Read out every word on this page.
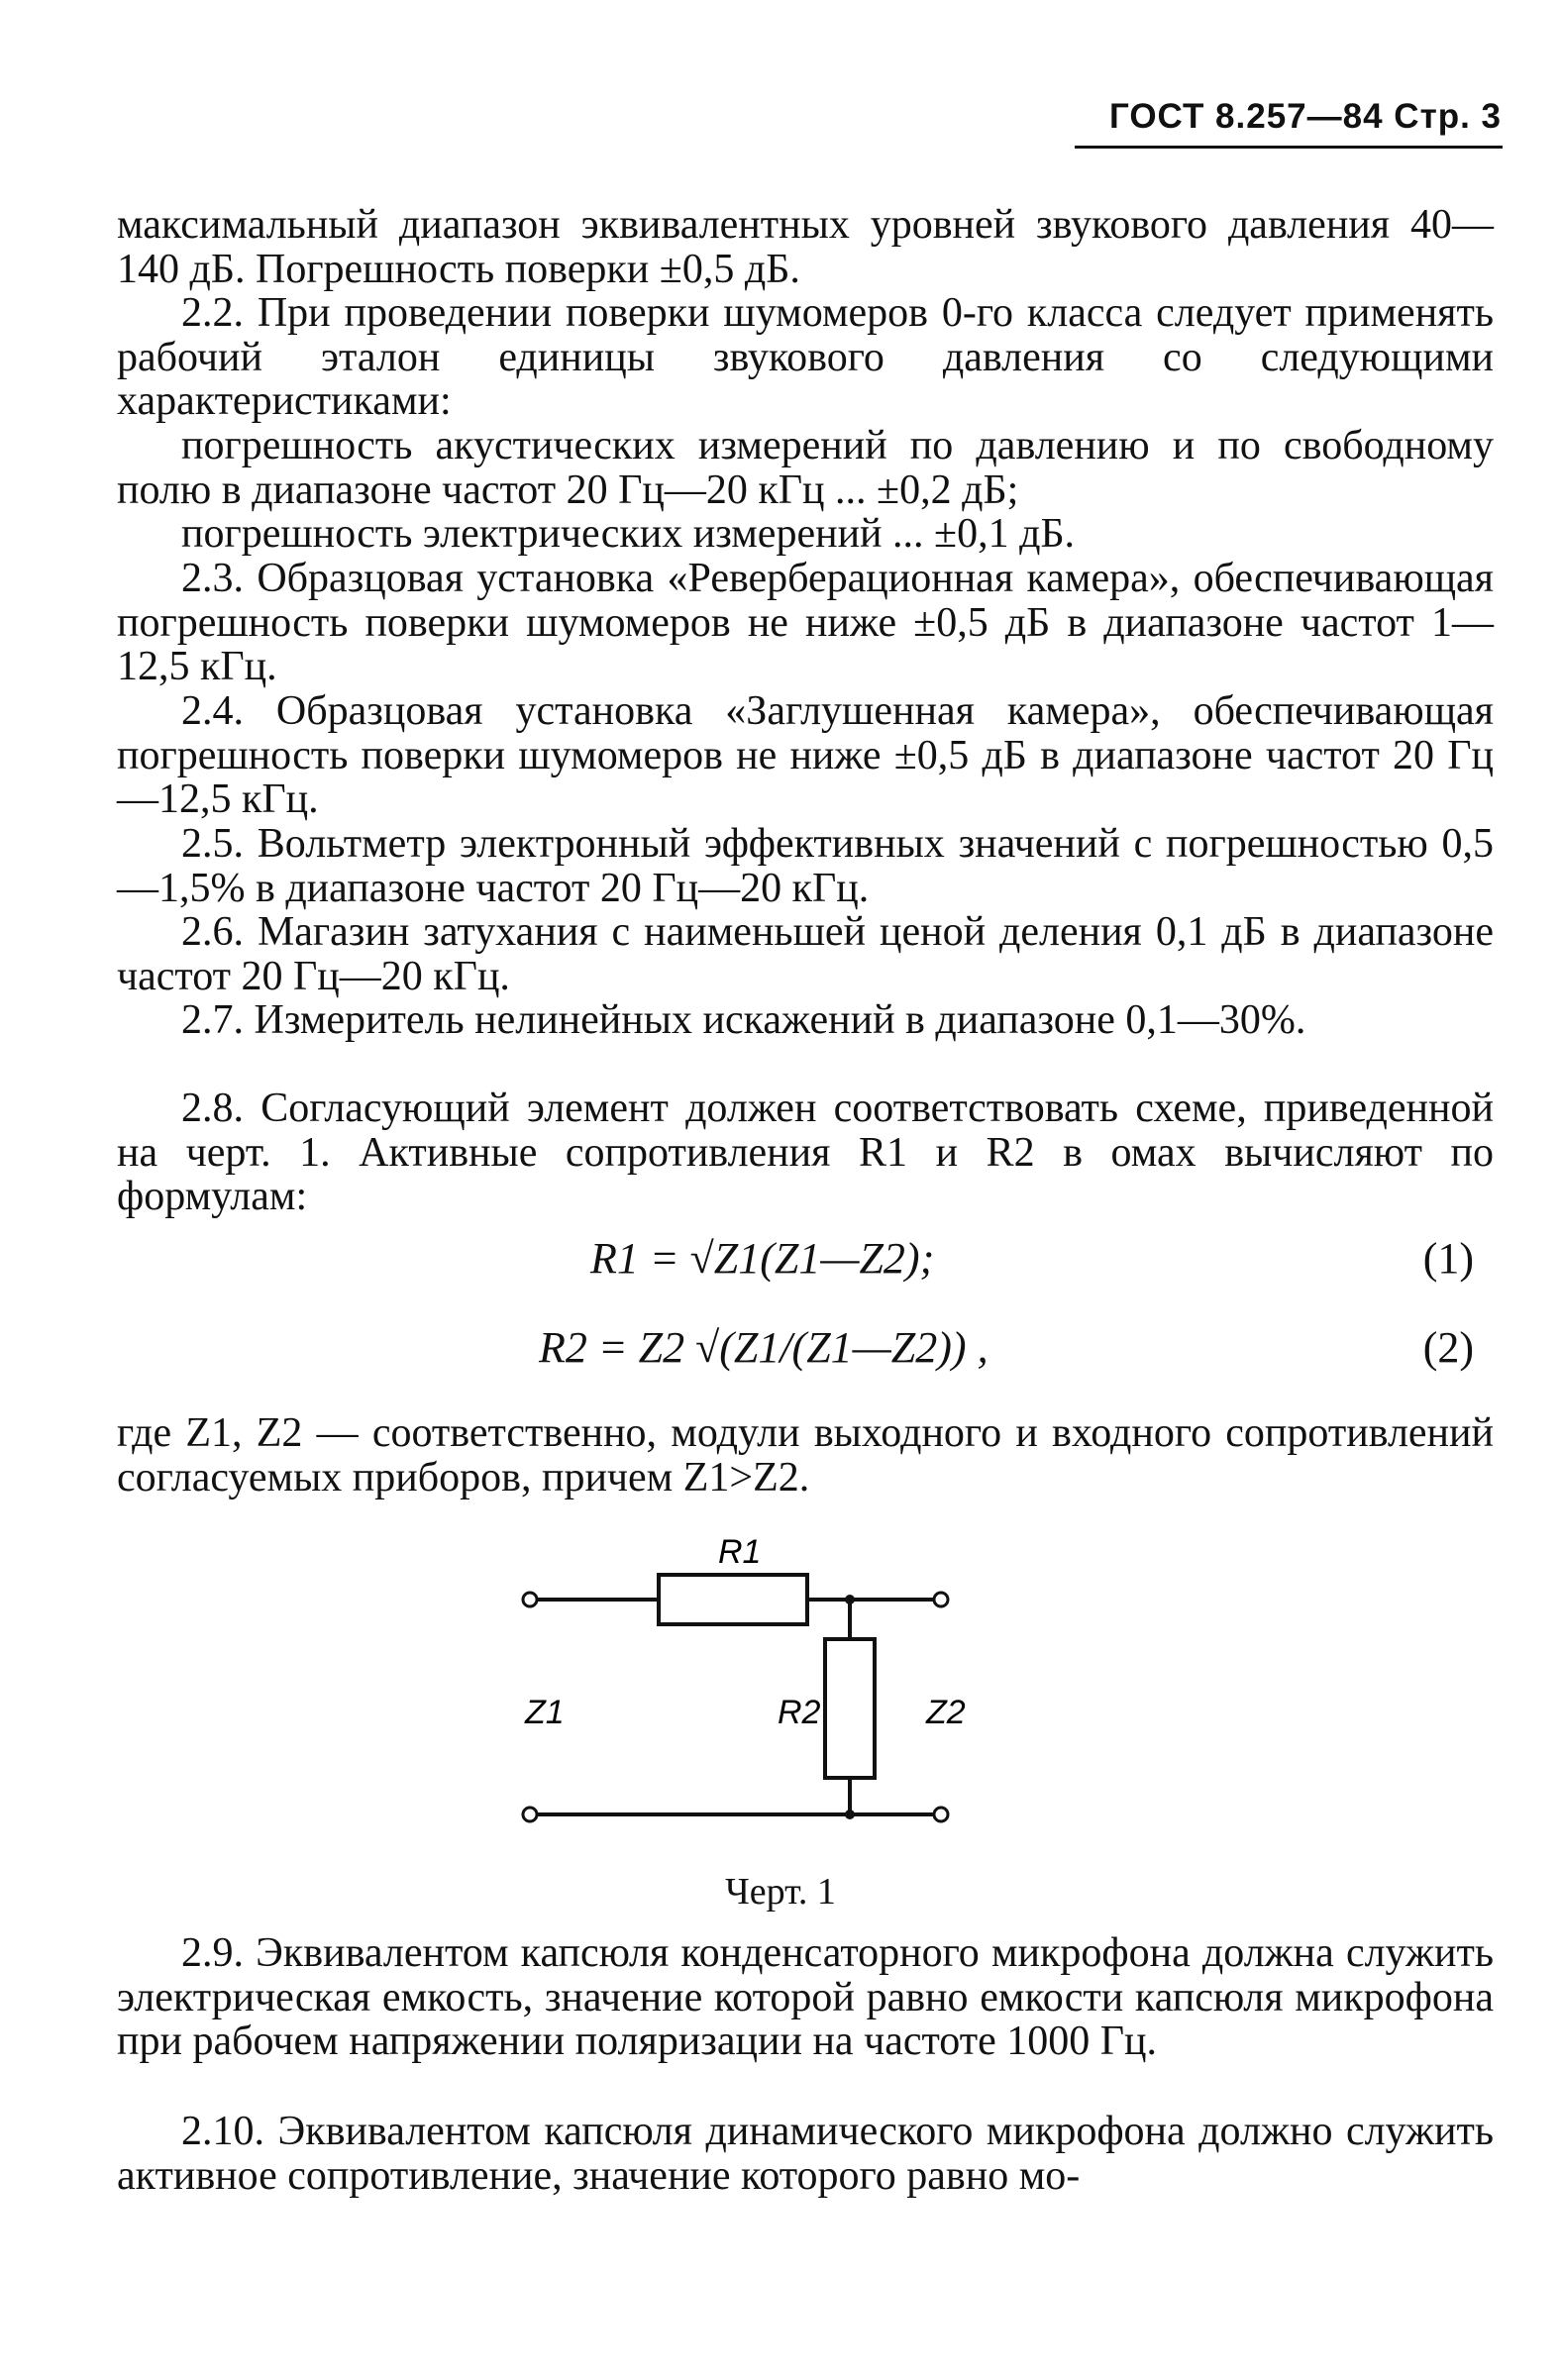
ГОСТ 8.257—84 Стр. 3

максимальный диапазон эквивалентных уровней звукового давления 40—140 дБ. Погрешность поверки ±0,5 дБ.

2.2. При проведении поверки шумомеров 0-го класса следует применять рабочий эталон единицы звукового давления со следующими характеристиками:

погрешность акустических измерений по давлению и по свободному полю в диапазоне частот 20 Гц—20 кГц ... ±0,2 дБ;

погрешность электрических измерений ... ±0,1 дБ.

2.3. Образцовая установка «Реверберационная камера», обеспечивающая погрешность поверки шумомеров не ниже ±0,5 дБ в диапазоне частот 1—12,5 кГц.

2.4. Образцовая установка «Заглушенная камера», обеспечивающая погрешность поверки шумомеров не ниже ±0,5 дБ в диапазоне частот 20 Гц—12,5 кГц.

2.5. Вольтметр электронный эффективных значений с погрешностью 0,5—1,5% в диапазоне частот 20 Гц—20 кГц.

2.6. Магазин затухания с наименьшей ценой деления 0,1 дБ в диапазоне частот 20 Гц—20 кГц.

2.7. Измеритель нелинейных искажений в диапазоне 0,1—30%.

2.8. Согласующий элемент должен соответствовать схеме, приведенной на черт. 1. Активные сопротивления R1 и R2 в омах вычисляют по формулам:

R1 = √Z1(Z1—Z2);	(1)
R2 = Z2 √(Z1/(Z1—Z2)) ,	(2)

где Z1, Z2 — соответственно, модули выходного и входного сопротивлений согласуемых приборов, причем Z1>Z2.

R1
R2
Z1	Z2
Черт. 1

2.9. Эквивалентом капсюля конденсаторного микрофона должна служить электрическая емкость, значение которой равно емкости капсюля микрофона при рабочем напряжении поляризации на частоте 1000 Гц.

2.10. Эквивалентом капсюля динамического микрофона должно служить активное сопротивление, значение которого равно мо-
